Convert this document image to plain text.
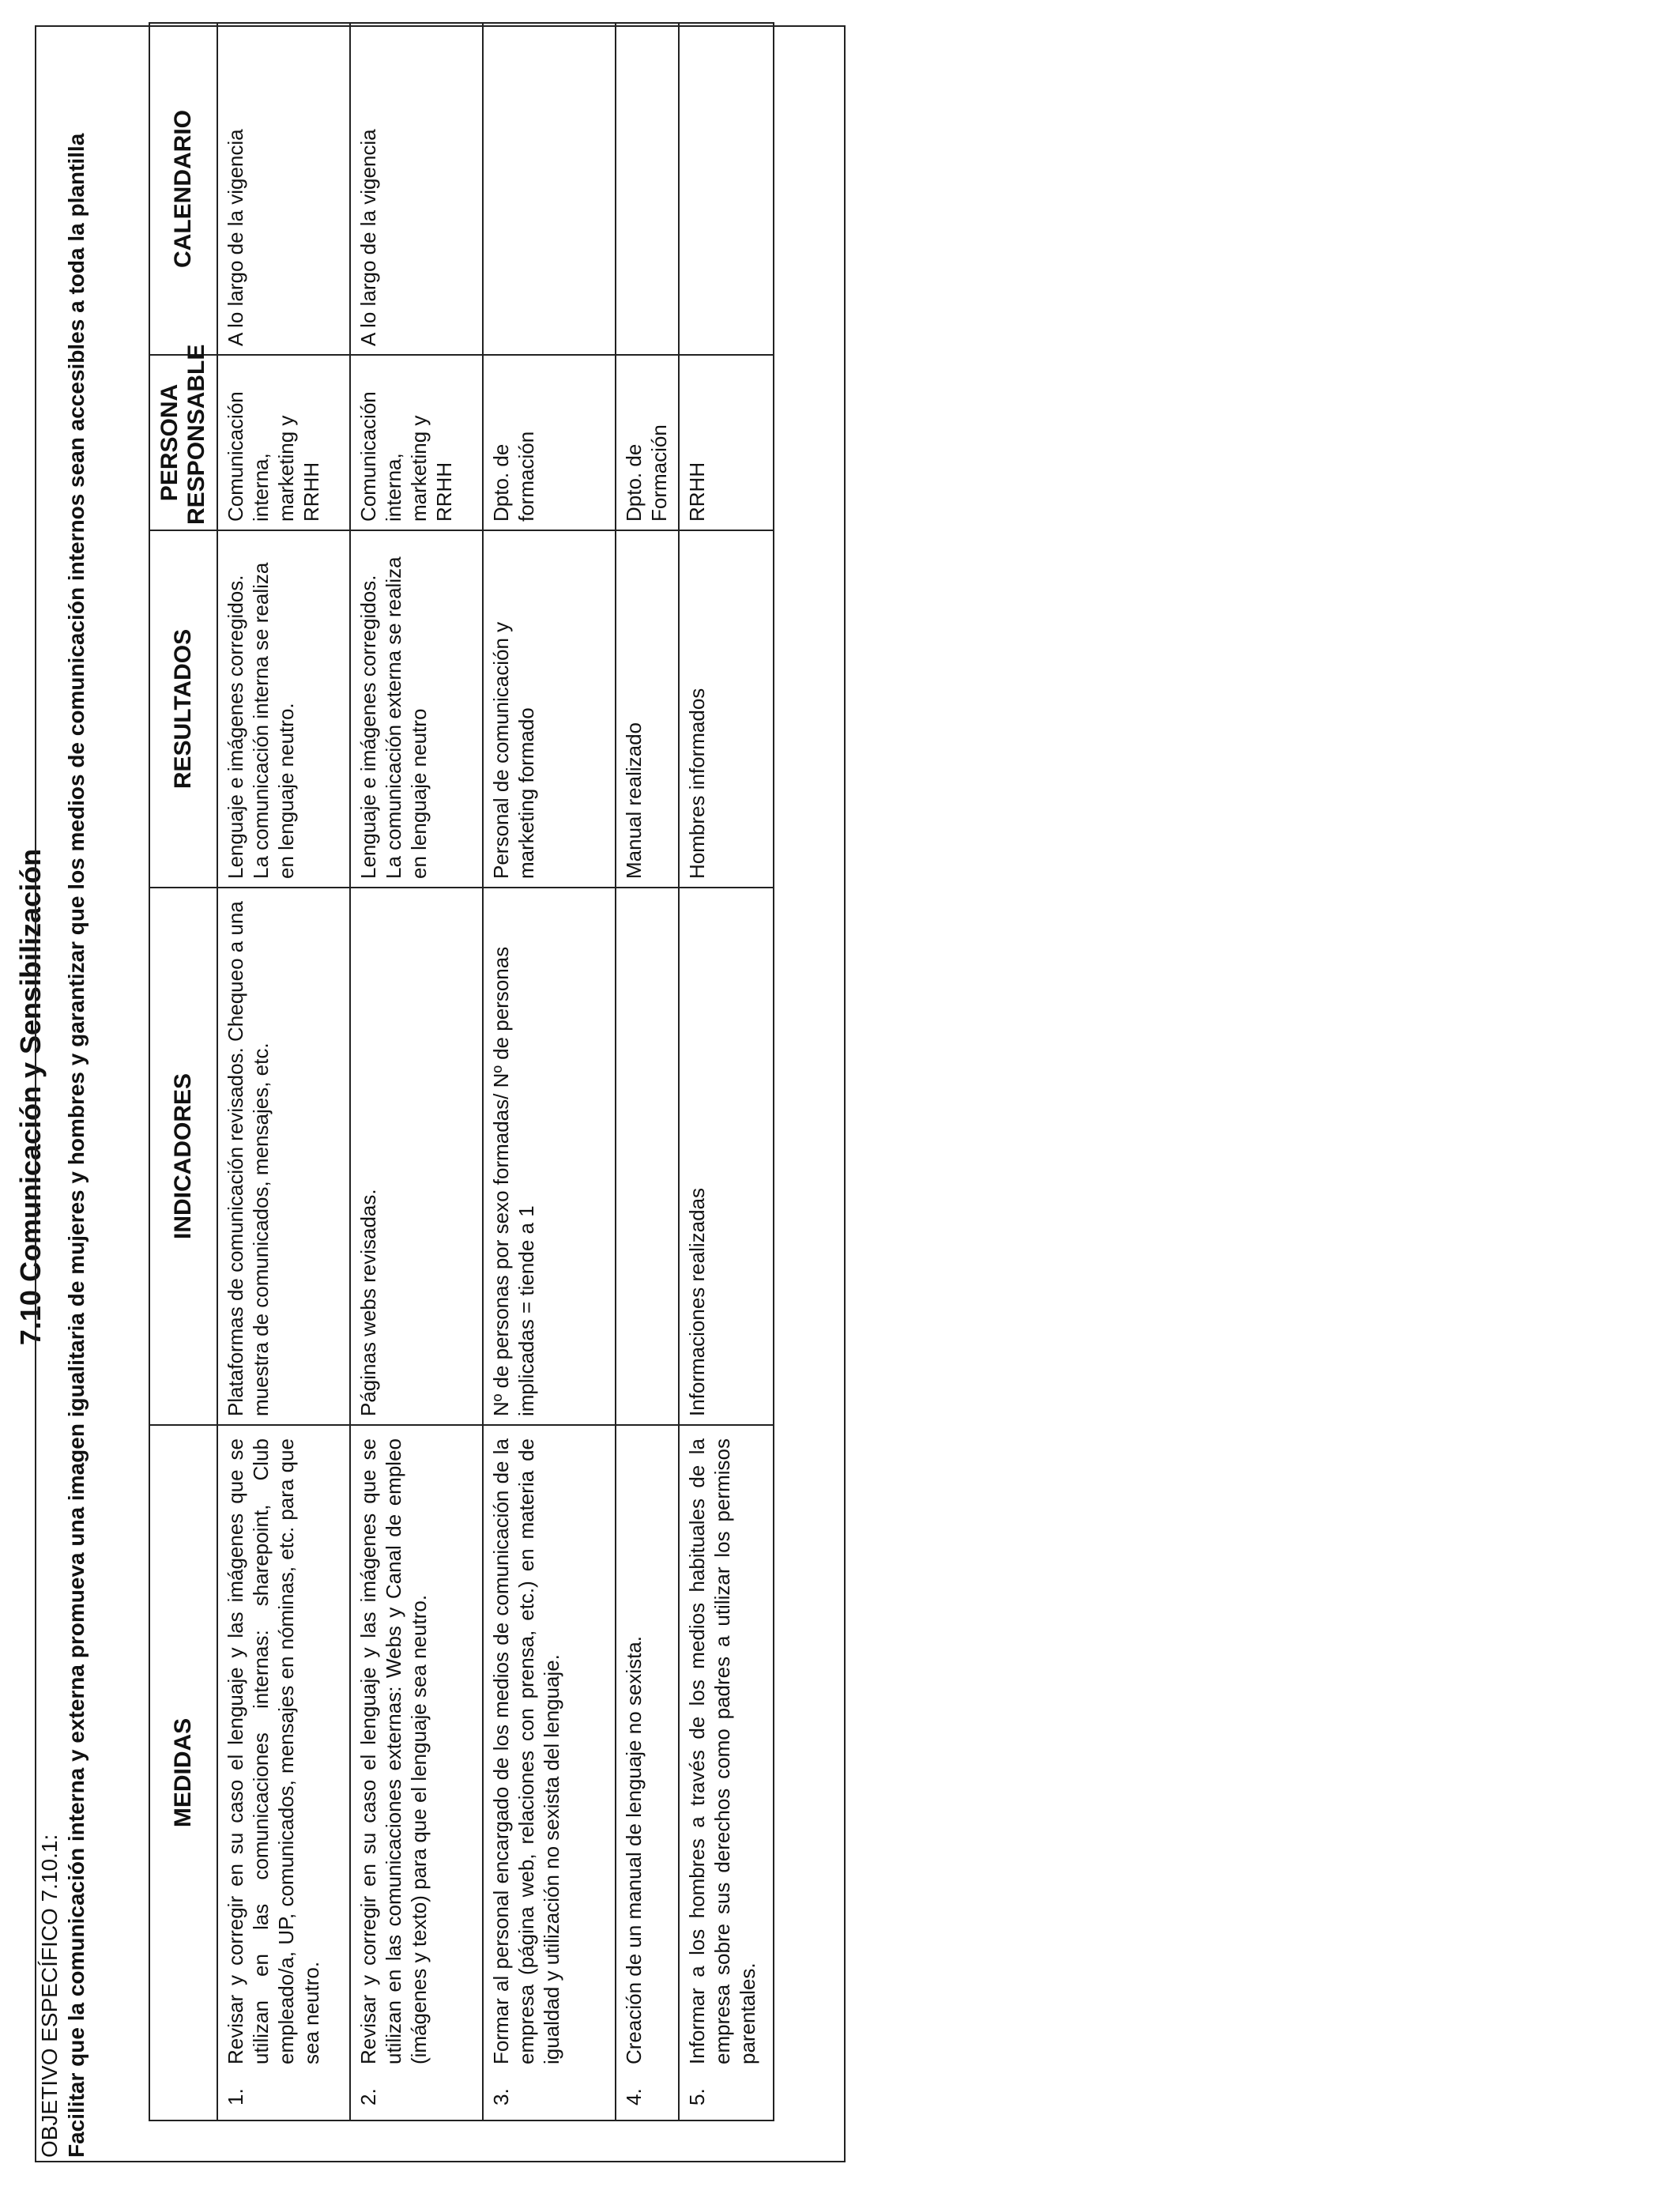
7.10 Comunicación y Sensibilización
OBJETIVO ESPECÍFICO 7.10.1: Facilitar que la comunicación interna y externa promueva una imagen igualitaria de mujeres y hombres y garantizar que los medios de comunicación internos sean accesibles a toda la plantilla	MEDIDAS	INDICADORES	RESULTADOS	PERSONA RESPONSABLE	CALENDARIO
1.Revisar y corregir en su caso el lenguaje y las imágenes que se utilizan en las comunicaciones internas: sharepoint, Club empleado/a, UP, comunicados, mensajes en nóminas, etc. para que sea neutro.	Plataformas de comunicación revisados. Chequeo a una muestra de comunicados, mensajes, etc.	Lenguaje e imágenes corregidos. La comunicación interna se realiza en lenguaje neutro.	Comunicación interna, marketing y RRHH	A lo largo de la vigencia
2.Revisar y corregir en su caso el lenguaje y las imágenes que se utilizan en las comunicaciones externas: Webs y Canal de empleo (imágenes y texto) para que el lenguaje sea neutro.	Páginas webs revisadas.	Lenguaje e imágenes corregidos. La comunicación externa se realiza en lenguaje neutro	Comunicación interna, marketing y RRHH	A lo largo de la vigencia
3.Formar al personal encargado de los medios de comunicación de la empresa (página web, relaciones con prensa, etc.) en materia de igualdad y utilización no sexista del lenguaje.	Nº de personas por sexo formadas/ Nº de personas implicadas = tiende a 1	Personal de comunicación y marketing formado	Dpto. de formación	
4.Creación de un manual de lenguaje no sexista.		Manual realizado	Dpto. de Formación	
5.Informar a los hombres a través de los medios habituales de la empresa sobre sus derechos como padres a utilizar los permisos parentales.	Informaciones realizadas	Hombres informados	RRHH	
